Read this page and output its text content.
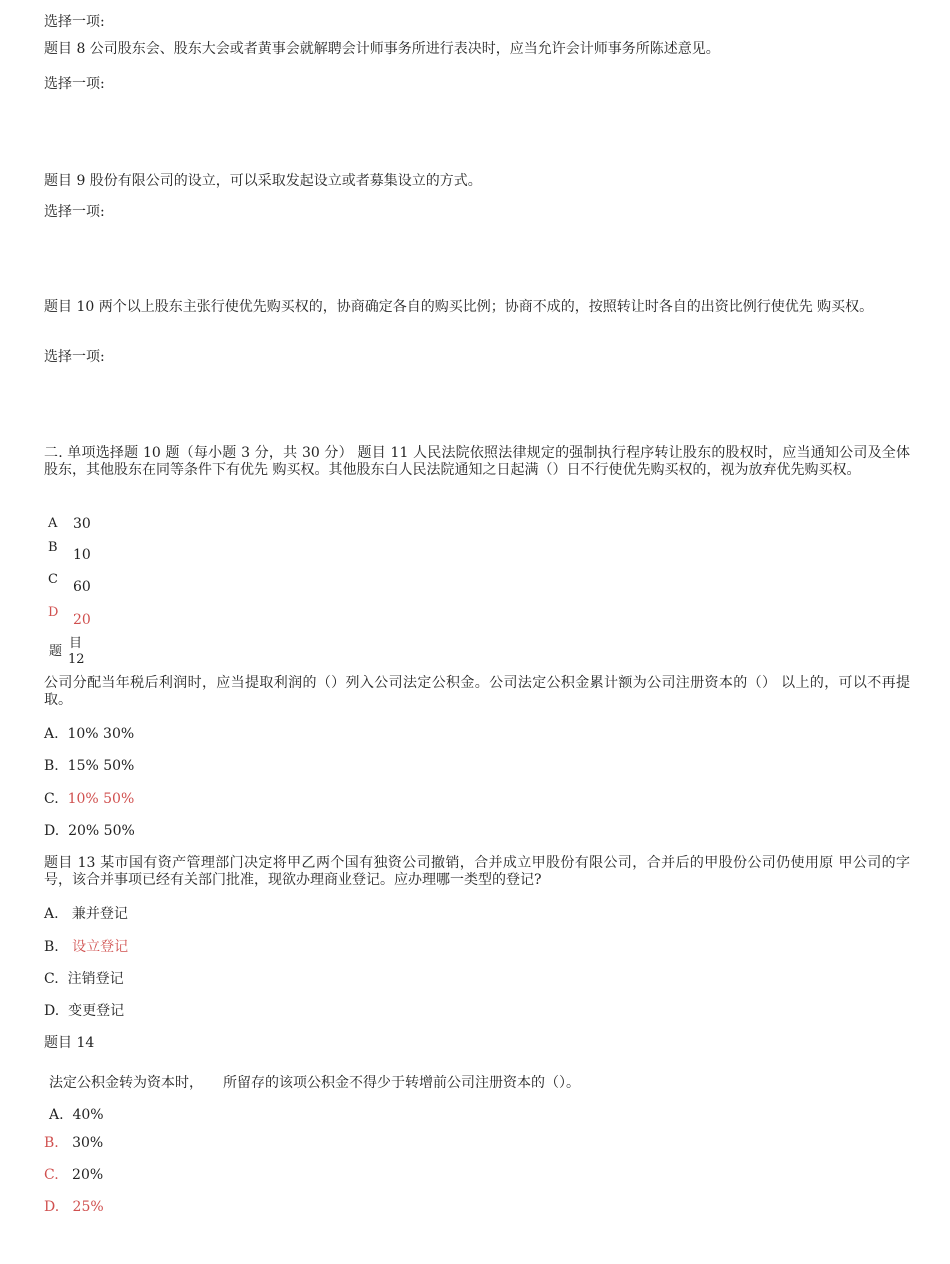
选择一项:
题目 8 公司股东会、股东大会或者黄事会就解聘会计师事务所进行表决时，应当允许会计师事务所陈述意见。
选择一项:
题目 9 股份有限公司的设立，可以采取发起设立或者募集设立的方式。
选择一项:
题目 10 两个以上股东主张行使优先购买权的，协商确定各自的购买比例；协商不成的，按照转让时各自的出资比例行使优先 购买权。
选择一项:
二. 单项选择题 10 题（每小题 3 分，共 30 分） 题目 11 人民法院依照法律规定的强制执行程序转让股东的股权时，应当通知公司及全体股东，其他股东在同等条件下有优先 购买权。其他股东白人民法院通知之日起满（）日不行使优先购买权的，视为放弃优先购买权。
A 30
B 10
C 60
D 20
目
题
12
公司分配当年税后利润时，应当提取利润的（）列入公司法定公积金。公司法定公积金累计额为公司注册资本的（） 以上的，可以不再提取。
A. 10% 30%
B. 15% 50%
C. 10% 50%
D. 20% 50%
题目 13 某市国有资产管理部门决定将甲乙两个国有独资公司撤销，合并成立甲股份有限公司，合并后的甲股份公司仍使用原 甲公司的字号，该合并事项已经有关部门批准，现欲办理商业登记。应办理哪一类型的登记?
A. 兼并登记
B. 设立登记
C. 注销登记
D. 变更登记
题目 14
法定公积金转为资本时， 所留存的该项公积金不得少于转增前公司注册资本的（）。
A. 40%
B. 30%
C. 20%
D. 25%
